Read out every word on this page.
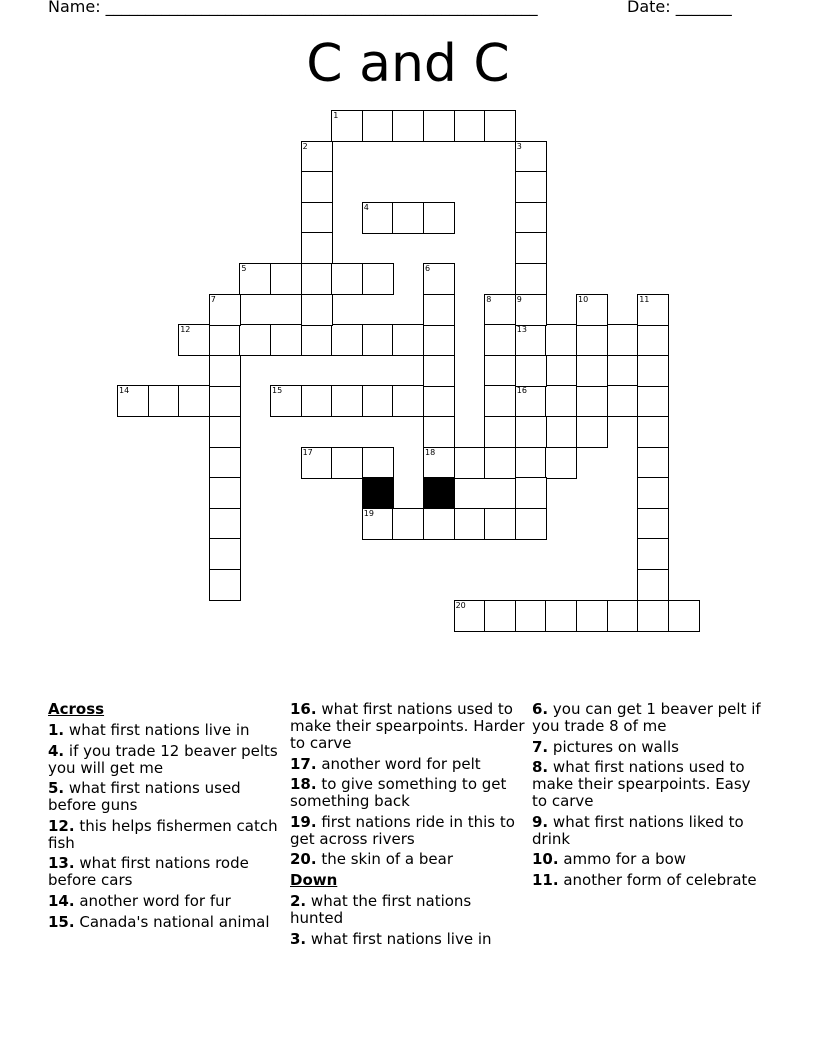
Name: ______________________________________________________	Date: _______
C and C
1
4
5
12	13
14	15	16
17	18
19
20
2	3
6
7	8	9	10	11
Across
1. what first nations live in
4. if you trade 12 beaver pelts you will get me
5. what first nations used before guns
12. this helps fishermen catch fish
13. what first nations rode before cars
14. another word for fur
15. Canada's national animal
16. what first nations used to make their spearpoints. Harder to carve
17. another word for pelt
18. to give something to get something back
19. first nations ride in this to get across rivers
20. the skin of a bear
Down
2. what the first nations hunted
3. what first nations live in
6. you can get 1 beaver pelt if you trade 8 of me
7. pictures on walls
8. what first nations used to make their spearpoints. Easy to carve
9. what first nations liked to drink
10. ammo for a bow
11. another form of celebrate
